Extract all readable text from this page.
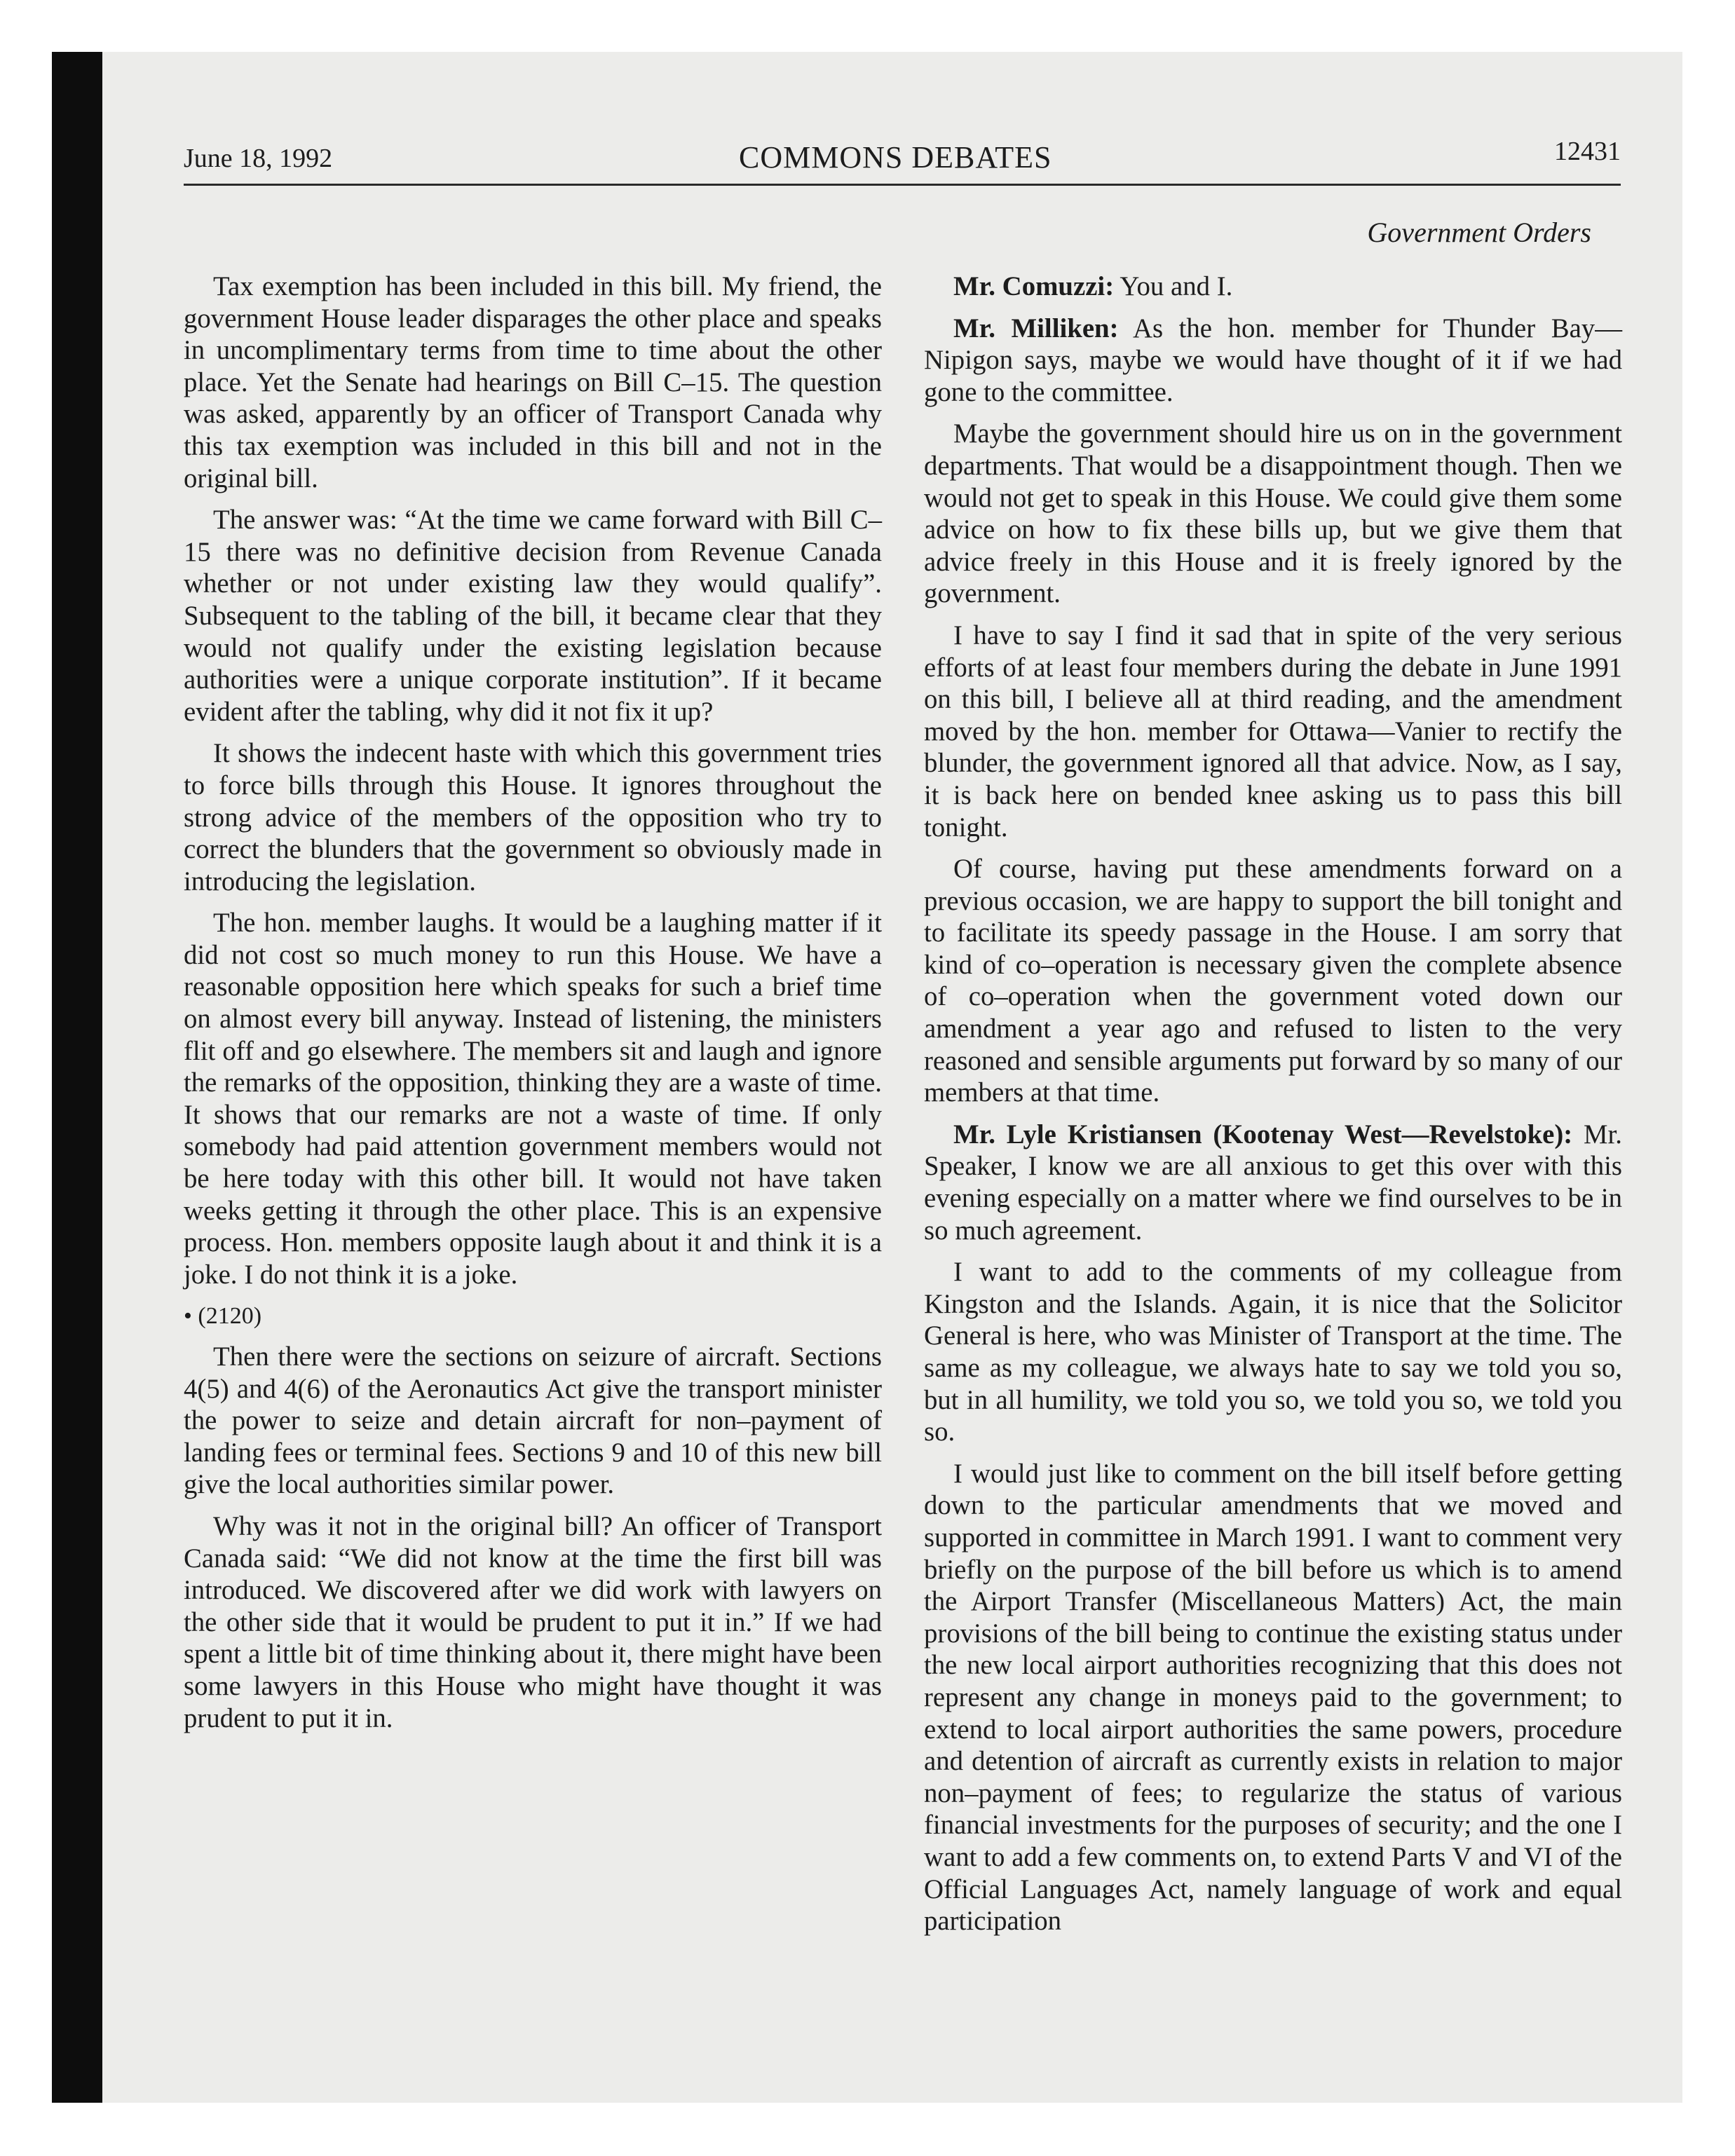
June 18, 1992	COMMONS DEBATES	12431
Government Orders

Tax exemption has been included in this bill. My friend, the government House leader disparages the other place and speaks in uncomplimentary terms from time to time about the other place. Yet the Senate had hearings on Bill C–15. The question was asked, apparently by an officer of Transport Canada why this tax exemption was included in this bill and not in the original bill.

The answer was: “At the time we came forward with Bill C–15 there was no definitive decision from Revenue Canada whether or not under existing law they would qualify”. Subsequent to the tabling of the bill, it became clear that they would not qualify under the existing legislation because authorities were a unique corporate institution”. If it became evident after the tabling, why did it not fix it up?

It shows the indecent haste with which this government tries to force bills through this House. It ignores throughout the strong advice of the members of the opposition who try to correct the blunders that the government so obviously made in introducing the legislation.

The hon. member laughs. It would be a laughing matter if it did not cost so much money to run this House. We have a reasonable opposition here which speaks for such a brief time on almost every bill anyway. Instead of listening, the ministers flit off and go elsewhere. The members sit and laugh and ignore the remarks of the opposition, thinking they are a waste of time. It shows that our remarks are not a waste of time. If only somebody had paid attention government members would not be here today with this other bill. It would not have taken weeks getting it through the other place. This is an expensive process. Hon. members opposite laugh about it and think it is a joke. I do not think it is a joke.

• (2120)

Then there were the sections on seizure of aircraft. Sections 4(5) and 4(6) of the Aeronautics Act give the transport minister the power to seize and detain aircraft for non–payment of landing fees or terminal fees. Sections 9 and 10 of this new bill give the local authorities similar power.

Why was it not in the original bill? An officer of Transport Canada said: “We did not know at the time the first bill was introduced. We discovered after we did work with lawyers on the other side that it would be prudent to put it in.” If we had spent a little bit of time thinking about it, there might have been some lawyers in this House who might have thought it was prudent to put it in.

Mr. Comuzzi: You and I.

Mr. Milliken: As the hon. member for Thunder Bay—Nipigon says, maybe we would have thought of it if we had gone to the committee.

Maybe the government should hire us on in the government departments. That would be a disappointment though. Then we would not get to speak in this House. We could give them some advice on how to fix these bills up, but we give them that advice freely in this House and it is freely ignored by the government.

I have to say I find it sad that in spite of the very serious efforts of at least four members during the debate in June 1991 on this bill, I believe all at third reading, and the amendment moved by the hon. member for Ottawa—Vanier to rectify the blunder, the government ignored all that advice. Now, as I say, it is back here on bended knee asking us to pass this bill tonight.

Of course, having put these amendments forward on a previous occasion, we are happy to support the bill tonight and to facilitate its speedy passage in the House. I am sorry that kind of co–operation is necessary given the complete absence of co–operation when the government voted down our amendment a year ago and refused to listen to the very reasoned and sensible arguments put forward by so many of our members at that time.

Mr. Lyle Kristiansen (Kootenay West—Revelstoke): Mr. Speaker, I know we are all anxious to get this over with this evening especially on a matter where we find ourselves to be in so much agreement.

I want to add to the comments of my colleague from Kingston and the Islands. Again, it is nice that the Solicitor General is here, who was Minister of Transport at the time. The same as my colleague, we always hate to say we told you so, but in all humility, we told you so, we told you so, we told you so.

I would just like to comment on the bill itself before getting down to the particular amendments that we moved and supported in committee in March 1991. I want to comment very briefly on the purpose of the bill before us which is to amend the Airport Transfer (Miscellaneous Matters) Act, the main provisions of the bill being to continue the existing status under the new local airport authorities recognizing that this does not represent any change in moneys paid to the government; to extend to local airport authorities the same powers, procedure and detention of aircraft as currently exists in relation to major non–payment of fees; to regularize the status of various financial investments for the purposes of security; and the one I want to add a few comments on, to extend Parts V and VI of the Official Languages Act, namely language of work and equal participation
